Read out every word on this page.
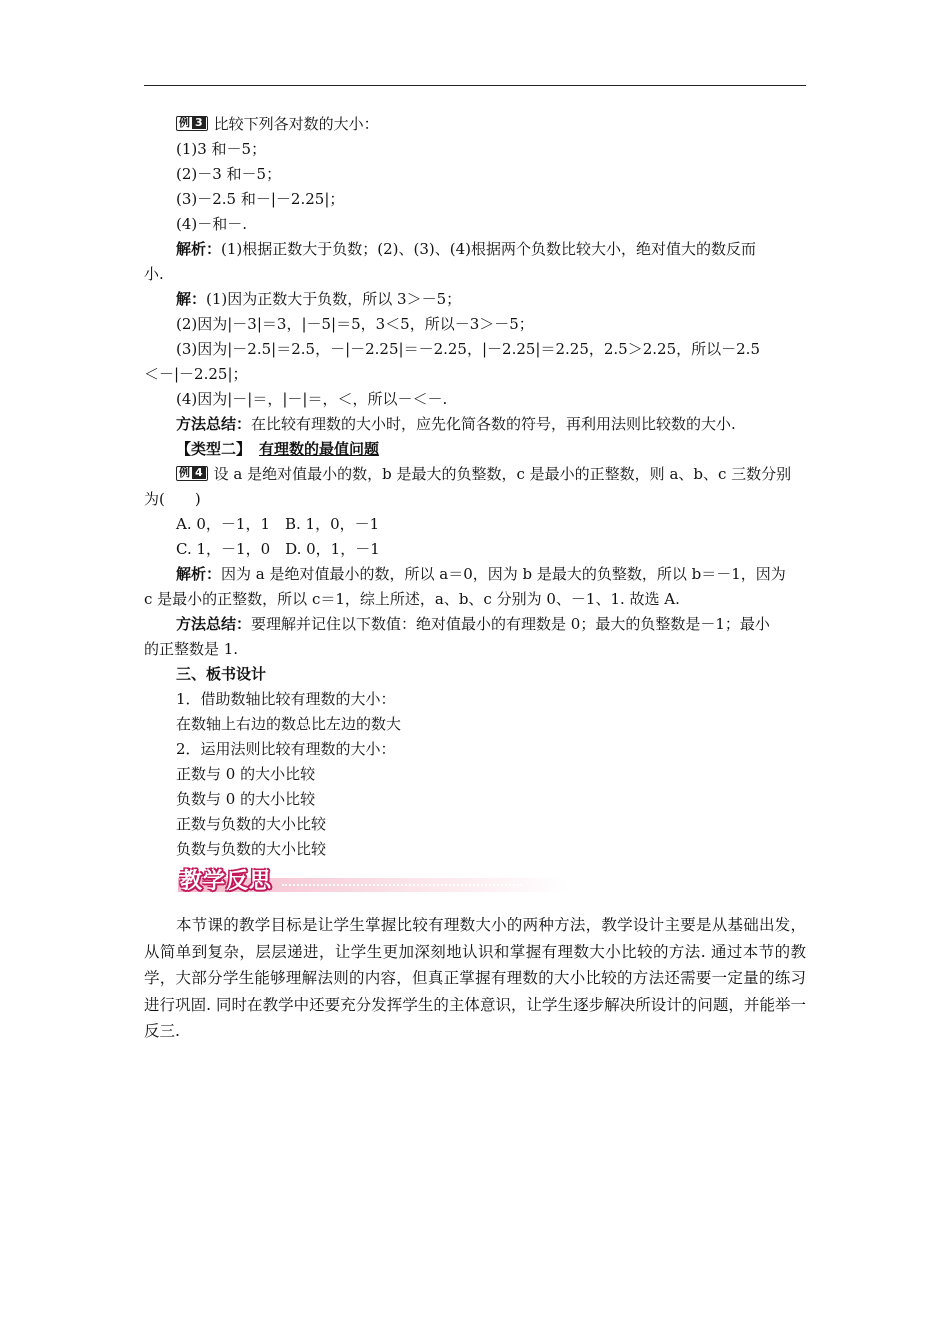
例 3 比较下列各对数的大小：
(1)3 和－5；
(2)－3 和－5；
(3)－2.5 和－|－2.25|；
(4)－和－.
解析：(1)根据正数大于负数；(2)、(3)、(4)根据两个负数比较大小，绝对值大的数反而
小.
解：(1)因为正数大于负数，所以 3＞－5；
(2)因为|－3|＝3，|－5|＝5，3＜5，所以－3＞－5；
(3)因为|－2.5|＝2.5，－|－2.25|＝－2.25，|－2.25|＝2.25，2.5＞2.25，所以－2.5
＜－|－2.25|；
(4)因为|－|＝，|－|＝，＜，所以－＜－.
方法总结：在比较有理数的大小时，应先化简各数的符号，再利用法则比较数的大小.
【类型二】 有理数的最值问题
例 4 设 a 是绝对值最小的数，b 是最大的负整数，c 是最小的正整数，则 a、b、c 三数分别
为(　　)
A. 0，－1，1　B. 1，0，－1
C. 1，－1，0　D. 0，1，－1
解析：因为 a 是绝对值最小的数，所以 a＝0，因为 b 是最大的负整数，所以 b＝－1，因为
c 是最小的正整数，所以 c＝1，综上所述，a、b、c 分别为 0、－1、1. 故选 A.
方法总结：要理解并记住以下数值：绝对值最小的有理数是 0；最大的负整数是－1；最小
的正整数是 1.
三、板书设计
1．借助数轴比较有理数的大小：
在数轴上右边的数总比左边的数大
2．运用法则比较有理数的大小：
正数与 0 的大小比较
负数与 0 的大小比较
正数与负数的大小比较
负数与负数的大小比较
教学反思
本节课的教学目标是让学生掌握比较有理数大小的两种方法，教学设计主要是从基础出发，从简单到复杂，层层递进，让学生更加深刻地认识和掌握有理数大小比较的方法. 通过本节的教学，大部分学生能够理解法则的内容，但真正掌握有理数的大小比较的方法还需要一定量的练习进行巩固. 同时在教学中还要充分发挥学生的主体意识，让学生逐步解决所设计的问题，并能举一反三.
